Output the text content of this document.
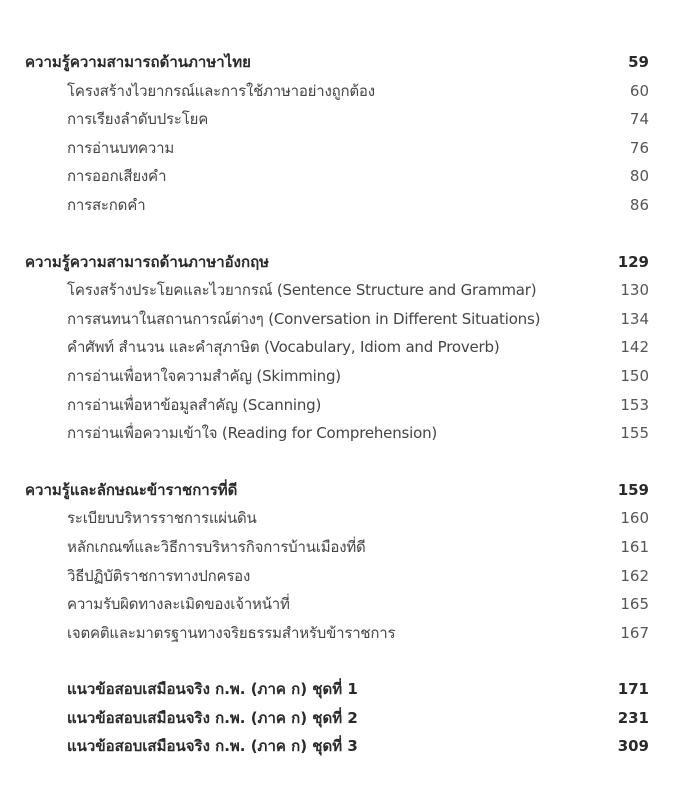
ความรู้ความสามารถด้านภาษาไทย	59
โครงสร้างไวยากรณ์และการใช้ภาษาอย่างถูกต้อง	60
การเรียงลำดับประโยค	74
การอ่านบทความ	76
การออกเสียงคำ	80
การสะกดคำ	86
ความรู้ความสามารถด้านภาษาอังกฤษ	129
โครงสร้างประโยคและไวยากรณ์ (Sentence Structure and Grammar)	130
การสนทนาในสถานการณ์ต่างๆ (Conversation in Different Situations)	134
คำศัพท์ สำนวน และคำสุภาษิต (Vocabulary, Idiom and Proverb)	142
การอ่านเพื่อหาใจความสำคัญ (Skimming)	150
การอ่านเพื่อหาข้อมูลสำคัญ (Scanning)	153
การอ่านเพื่อความเข้าใจ (Reading for Comprehension)	155
ความรู้และลักษณะข้าราชการที่ดี	159
ระเบียบบริหารราชการแผ่นดิน	160
หลักเกณฑ์และวิธีการบริหารกิจการบ้านเมืองที่ดี	161
วิธีปฏิบัติราชการทางปกครอง	162
ความรับผิดทางละเมิดของเจ้าหน้าที่	165
เจตคติและมาตรฐานทางจริยธรรมสำหรับข้าราชการ	167
แนวข้อสอบเสมือนจริง ก.พ. (ภาค ก) ชุดที่ 1	171
แนวข้อสอบเสมือนจริง ก.พ. (ภาค ก) ชุดที่ 2	231
แนวข้อสอบเสมือนจริง ก.พ. (ภาค ก) ชุดที่ 3	309
